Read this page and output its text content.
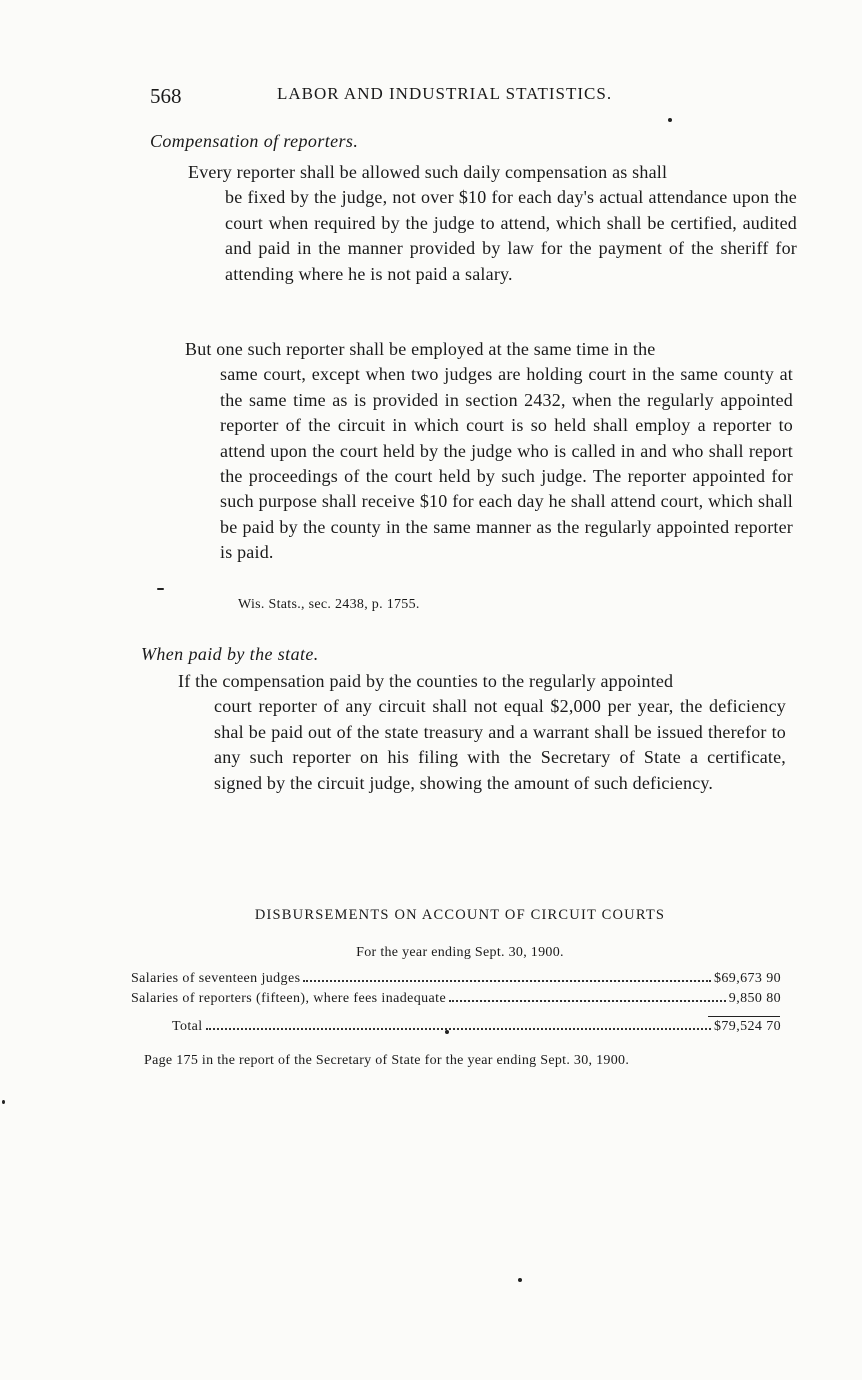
568	LABOR AND INDUSTRIAL STATISTICS.
Compensation of reporters.
Every reporter shall be allowed such daily compensation as shall
be fixed by the judge, not over $10 for each day's actual attendance upon the court when required by the judge to attend, which shall be certified, audited and paid in the manner provided by law for the payment of the sheriff for attending where he is not paid a salary.
But one such reporter shall be employed at the same time in the
same court, except when two judges are holding court in the same county at the same time as is provided in section 2432, when the regularly appointed reporter of the circuit in which court is so held shall employ a reporter to attend upon the court held by the judge who is called in and who shall report the proceedings of the court held by such judge. The reporter appointed for such purpose shall receive $10 for each day he shall attend court, which shall be paid by the county in the same manner as the regularly appointed reporter is paid.
Wis. Stats., sec. 2438, p. 1755.
When paid by the state.
If the compensation paid by the counties to the regularly appointed
court reporter of any circuit shall not equal $2,000 per year, the deficiency shal be paid out of the state treasury and a warrant shall be issued therefor to any such reporter on his filing with the Secretary of State a certificate, signed by the circuit judge, showing the amount of such deficiency.
DISBURSEMENTS ON ACCOUNT OF CIRCUIT COURTS
For the year ending Sept. 30, 1900.
Salaries of seventeen judges	$69,673 90
Salaries of reporters (fifteen), where fees inadequate	9,850 80
Total	$79,524 70
Page 175 in the report of the Secretary of State for the year ending Sept. 30, 1900.
